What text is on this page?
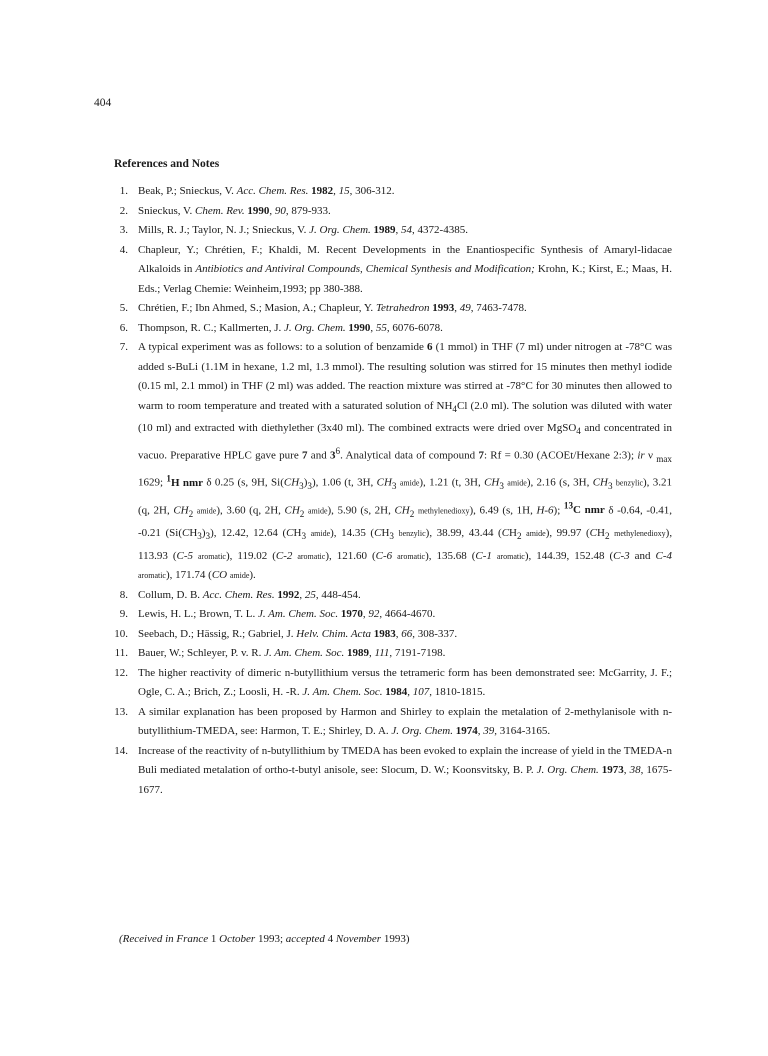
404
References and Notes
1. Beak, P.; Snieckus, V. Acc. Chem. Res. 1982, 15, 306-312.
2. Snieckus, V. Chem. Rev. 1990, 90, 879-933.
3. Mills, R. J.; Taylor, N. J.; Snieckus, V. J. Org. Chem. 1989, 54, 4372-4385.
4. Chapleur, Y.; Chrétien, F.; Khaldi, M. Recent Developments in the Enantiospecific Synthesis of Amaryl-lidacae Alkaloids in Antibiotics and Antiviral Compounds, Chemical Synthesis and Modification; Krohn, K.; Kirst, E.; Maas, H. Eds.; Verlag Chemie: Weinheim,1993; pp 380-388.
5. Chrétien, F.; Ibn Ahmed, S.; Masion, A.; Chapleur, Y. Tetrahedron 1993, 49, 7463-7478.
6. Thompson, R. C.; Kallmerten, J. J. Org. Chem. 1990, 55, 6076-6078.
7. A typical experiment was as follows: to a solution of benzamide 6 (1 mmol) in THF (7 ml) under nitrogen at -78°C was added s-BuLi (1.1M in hexane, 1.2 ml, 1.3 mmol). The resulting solution was stirred for 15 minutes then methyl iodide (0.15 ml, 2.1 mmol) in THF (2 ml) was added. The reaction mixture was stirred at -78°C for 30 minutes then allowed to warm to room temperature and treated with a saturated solution of $NH_4Cl$ (2.0 ml). The solution was diluted with water (10 ml) and extracted with diethylether (3x40 ml). The combined extracts were dried over MgSO$_4$ and concentrated in vacuo. Preparative HPLC gave pure 7 and $3^6$. Analytical data of compound 7: Rf = 0.30 (ACOEt/Hexane 2:3); ir ν $_{max}$ 1629; $^1$H nmr δ 0.25 (s, 9H, $Si(CH_3)_3$), 1.06 (t, 3H, $CH_3$ amide), 1.21 (t, 3H, $CH_3$ amide), 2.16 (s, 3H, $CH_3$ benzylic), 3.21 (q, 2H, $CH_2$ amide), 3.60 (q, 2H, $CH_2$ amide), 5.90 (s, 2H, $CH_2$ methylenedioxy), 6.49 (s, 1H, H-6); $^{13}$C nmr δ -0.64, -0.41, -0.21 $(Si(CH_3)_3)$, 12.42, 12.64 ($CH_3$ amide), 14.35 ($CH_3$ benzylic), 38.99, 43.44 ($CH_2$ amide), 99.97 ($CH_2$ methylenedioxy), 113.93 (C-5 aromatic), 119.02 (C-2 aromatic), 121.60 (C-6 aromatic), 135.68 (C-1 aromatic), 144.39, 152.48 (C-3 and C-4 aromatic), 171.74 (CO amide).
8. Collum, D. B. Acc. Chem. Res. 1992, 25, 448-454.
9. Lewis, H. L.; Brown, T. L. J. Am. Chem. Soc. 1970, 92, 4664-4670.
10. Seebach, D.; Hässig, R.; Gabriel, J. Helv. Chim. Acta 1983, 66, 308-337.
11. Bauer, W.; Schleyer, P. v. R. J. Am. Chem. Soc. 1989, 111, 7191-7198.
12. The higher reactivity of dimeric n-butyllithium versus the tetrameric form has been demonstrated see: McGarrity, J. F.; Ogle, C. A.; Brich, Z.; Loosli, H. -R. J. Am. Chem. Soc. 1984, 107, 1810-1815.
13. A similar explanation has been proposed by Harmon and Shirley to explain the metalation of 2-methylanisole with n-butyllithium-TMEDA, see: Harmon, T. E.; Shirley, D. A. J. Org. Chem. 1974, 39, 3164-3165.
14. Increase of the reactivity of n-butyllithium by TMEDA has been evoked to explain the increase of yield in the TMEDA-n Buli mediated metalation of ortho-t-butyl anisole, see: Slocum, D. W.; Koonsvitsky, B. P. J. Org. Chem. 1973, 38, 1675-1677.
(Received in France 1 October 1993; accepted 4 November 1993)
